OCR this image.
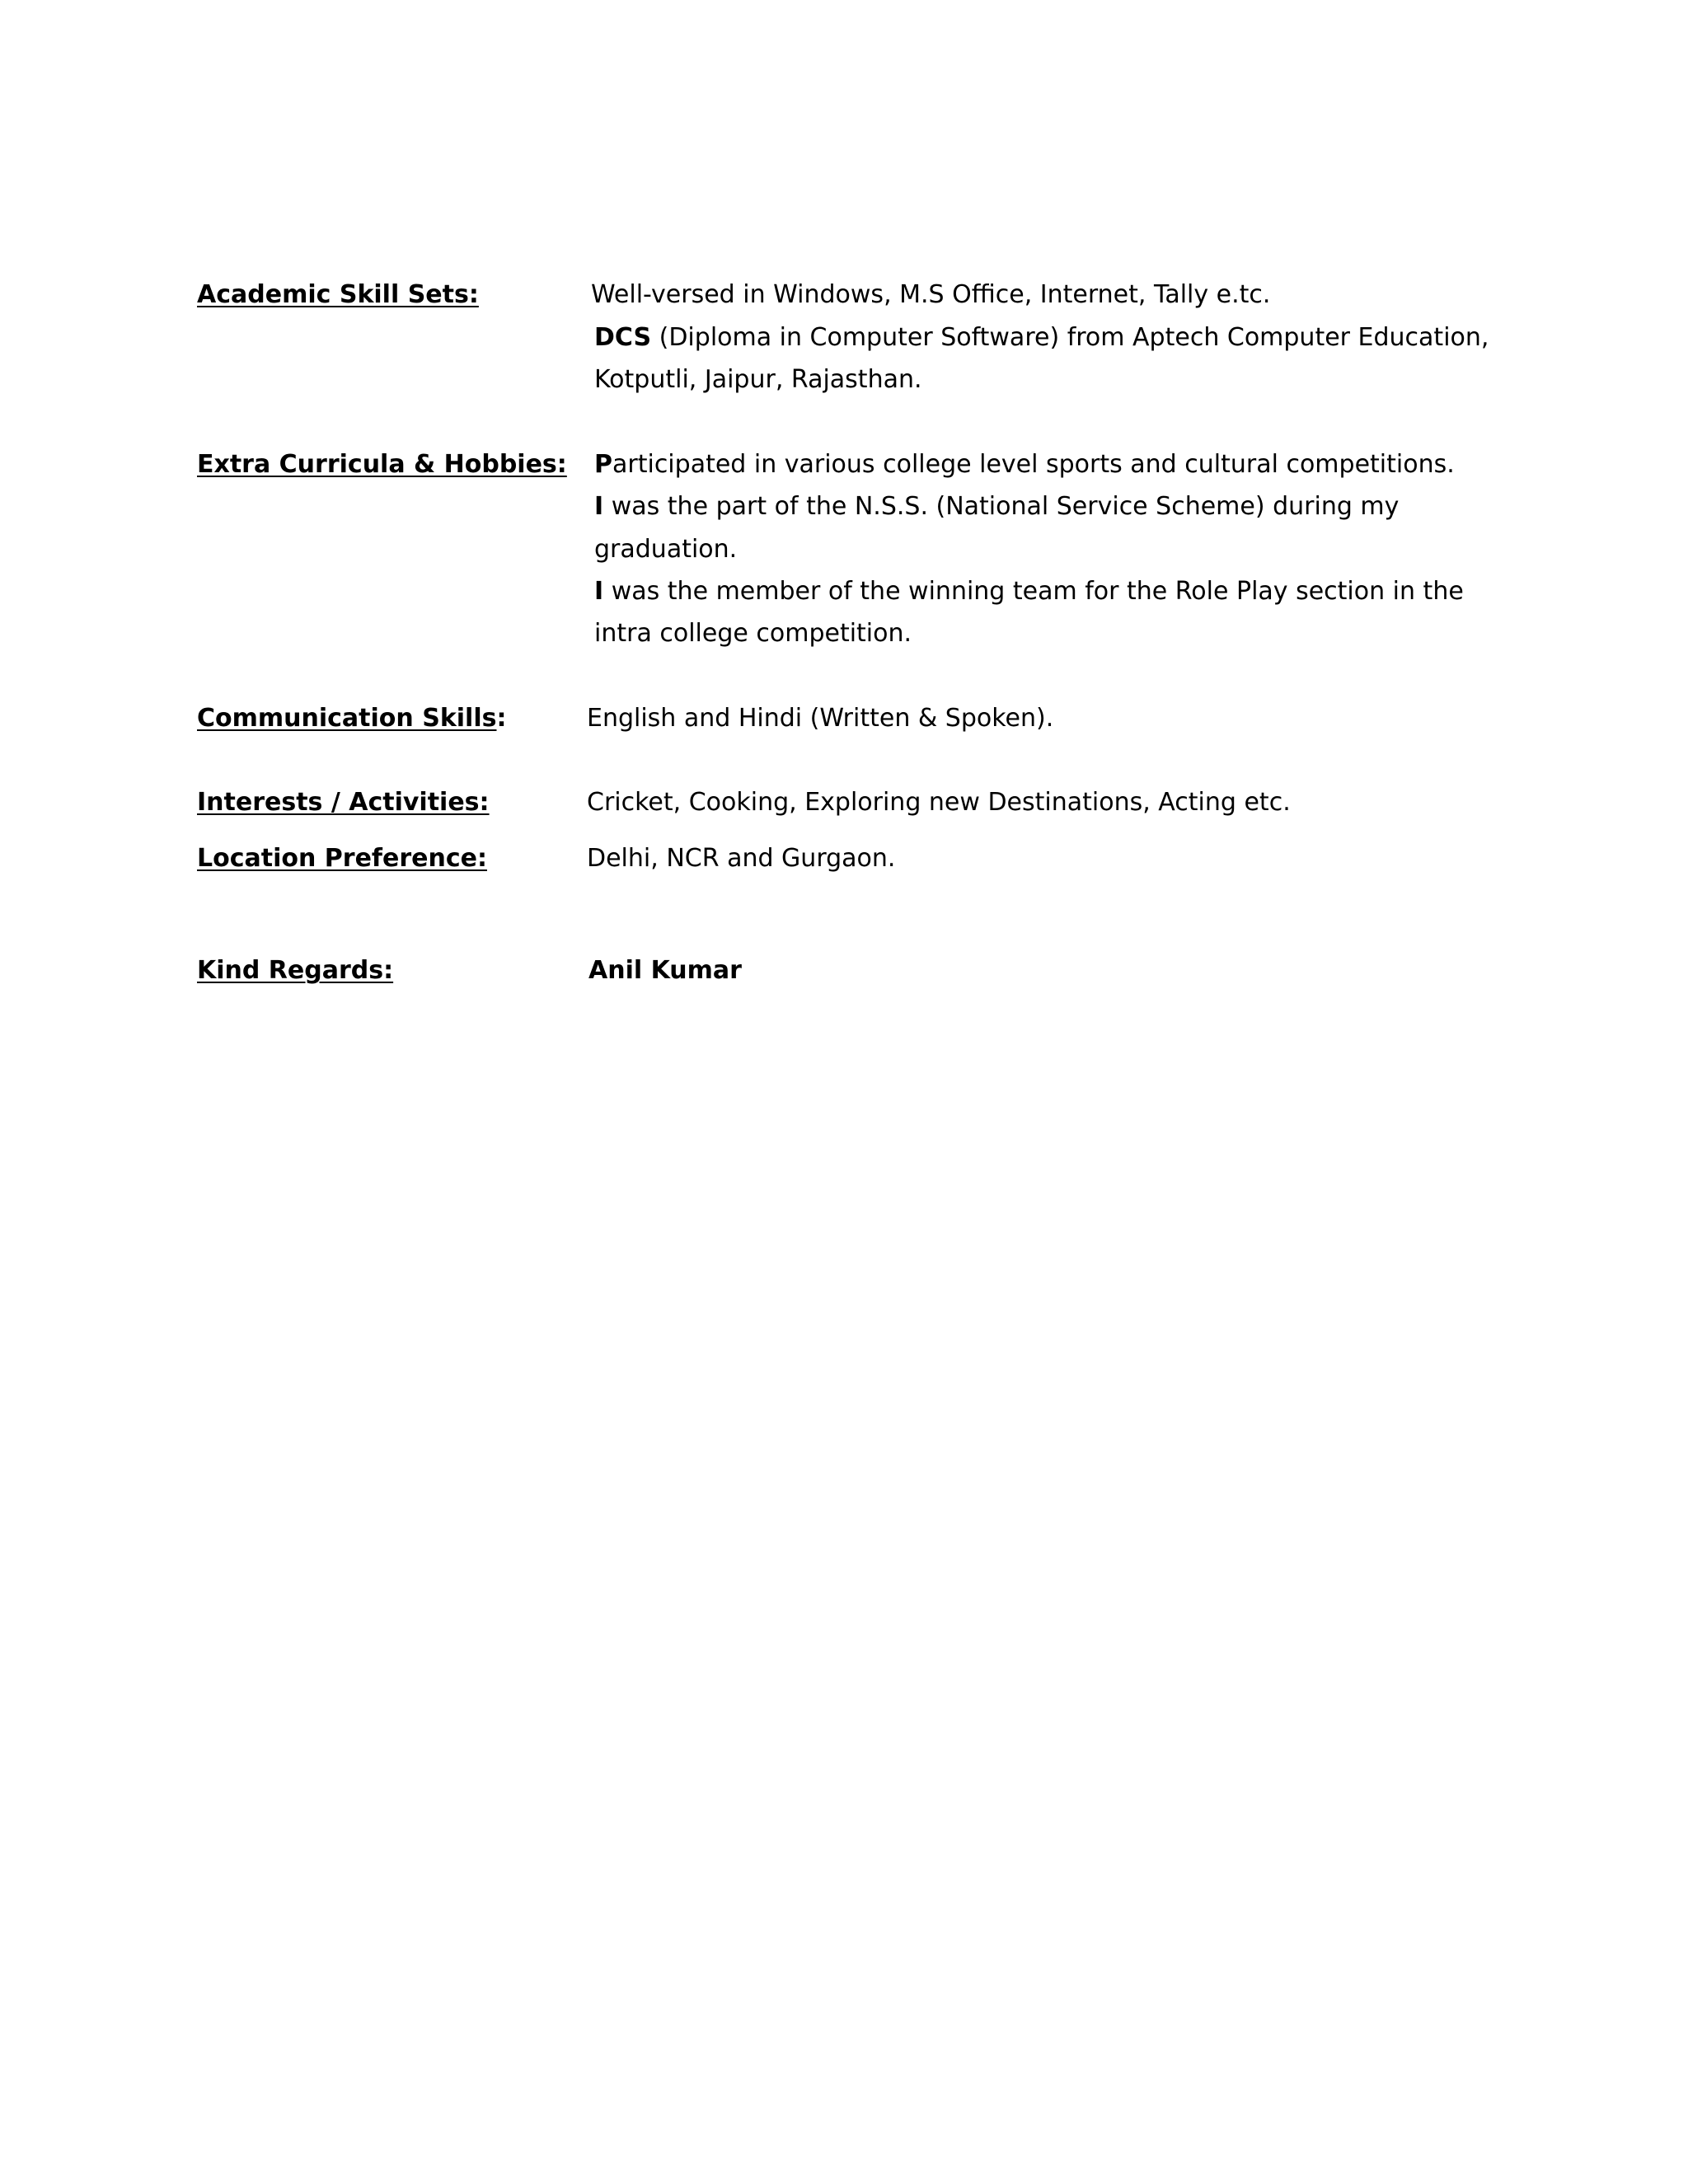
Academic Skill Sets:	Well-versed in Windows, M.S Office, Internet, Tally e.tc.
DCS (Diploma in Computer Software) from Aptech Computer Education,
Kotputli, Jaipur, Rajasthan.
Extra Curricula & Hobbies: Participated in various college level sports and cultural competitions.
I was the part of the N.S.S. (National Service Scheme) during my
graduation.
I was the member of the winning team for the Role Play section in the
intra college competition.
Communication Skills:	English and Hindi (Written & Spoken).
Interests / Activities:	Cricket, Cooking, Exploring new Destinations, Acting etc.
Location Preference:	Delhi, NCR and Gurgaon.
Kind Regards:	Anil Kumar
